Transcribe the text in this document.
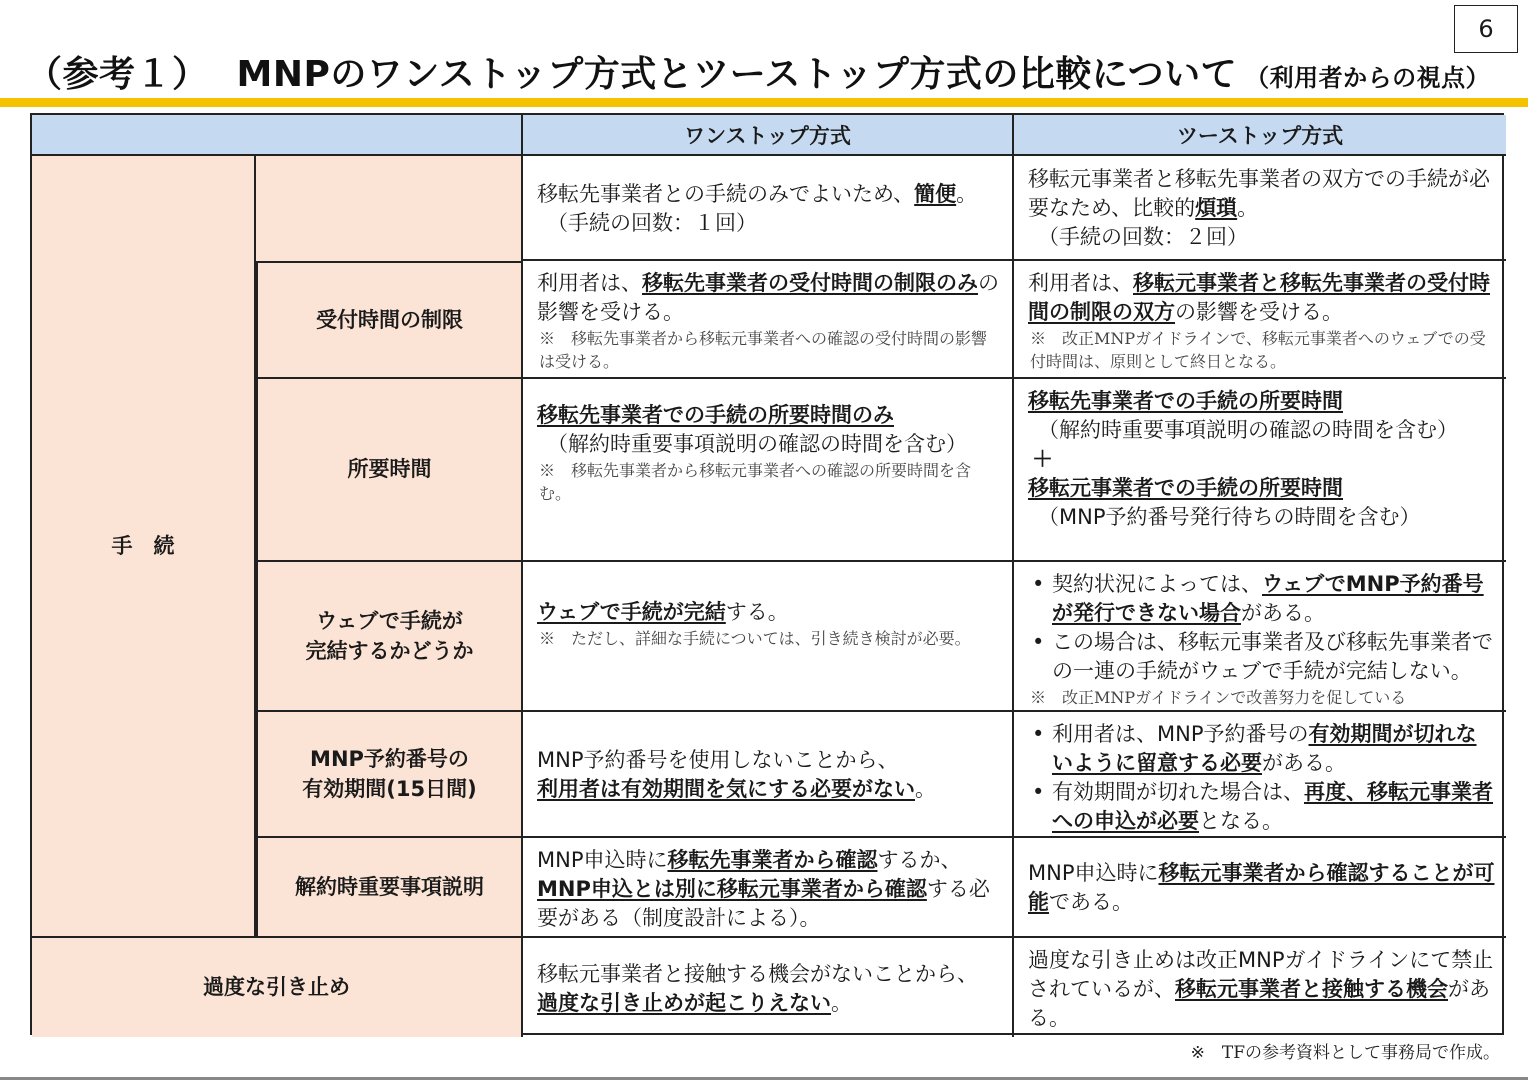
6
（参考１） MNPのワンストップ方式とツーストップ方式の比較について （利用者からの視点）
ワンストップ方式	ツーストップ方式
手　続
移転先事業者との手続のみでよいため、簡便。
（手続の回数：１回）
移転元事業者と移転先事業者の双方での手続が必要なため、比較的煩瑣。
（手続の回数：２回）
受付時間の制限
利用者は、移転先事業者の受付時間の制限のみの影響を受ける。
※　移転先事業者から移転元事業者への確認の受付時間の影響は受ける。
利用者は、移転元事業者と移転先事業者の受付時間の制限の双方の影響を受ける。
※　改正MNPガイドラインで、移転元事業者へのウェブでの受付時間は、原則として終日となる。
所要時間
移転先事業者での手続の所要時間のみ
（解約時重要事項説明の確認の時間を含む）
※　移転先事業者から移転元事業者への確認の所要時間を含む。
移転先事業者での手続の所要時間
（解約時重要事項説明の確認の時間を含む）
＋
移転元事業者での手続の所要時間
（MNP予約番号発行待ちの時間を含む）
ウェブで手続が
完結するかどうか
ウェブで手続が完結する。
※　ただし、詳細な手続については、引き続き検討が必要。
• 契約状況によっては、ウェブでMNP予約番号が発行できない場合がある。
• この場合は、移転元事業者及び移転先事業者での一連の手続がウェブで手続が完結しない。
※　改正MNPガイドラインで改善努力を促している
MNP予約番号の
有効期間(15日間)
MNP予約番号を使用しないことから、
利用者は有効期間を気にする必要がない。
• 利用者は、MNP予約番号の有効期間が切れないように留意する必要がある。
• 有効期間が切れた場合は、再度、移転元事業者への申込が必要となる。
解約時重要事項説明
MNP申込時に移転先事業者から確認するか、MNP申込とは別に移転元事業者から確認する必要がある（制度設計による）。
MNP申込時に移転元事業者から確認することが可能である。
過度な引き止め
移転元事業者と接触する機会がないことから、
過度な引き止めが起こりえない。
過度な引き止めは改正MNPガイドラインにて禁止されているが、移転元事業者と接触する機会がある。
※　TFの参考資料として事務局で作成。
